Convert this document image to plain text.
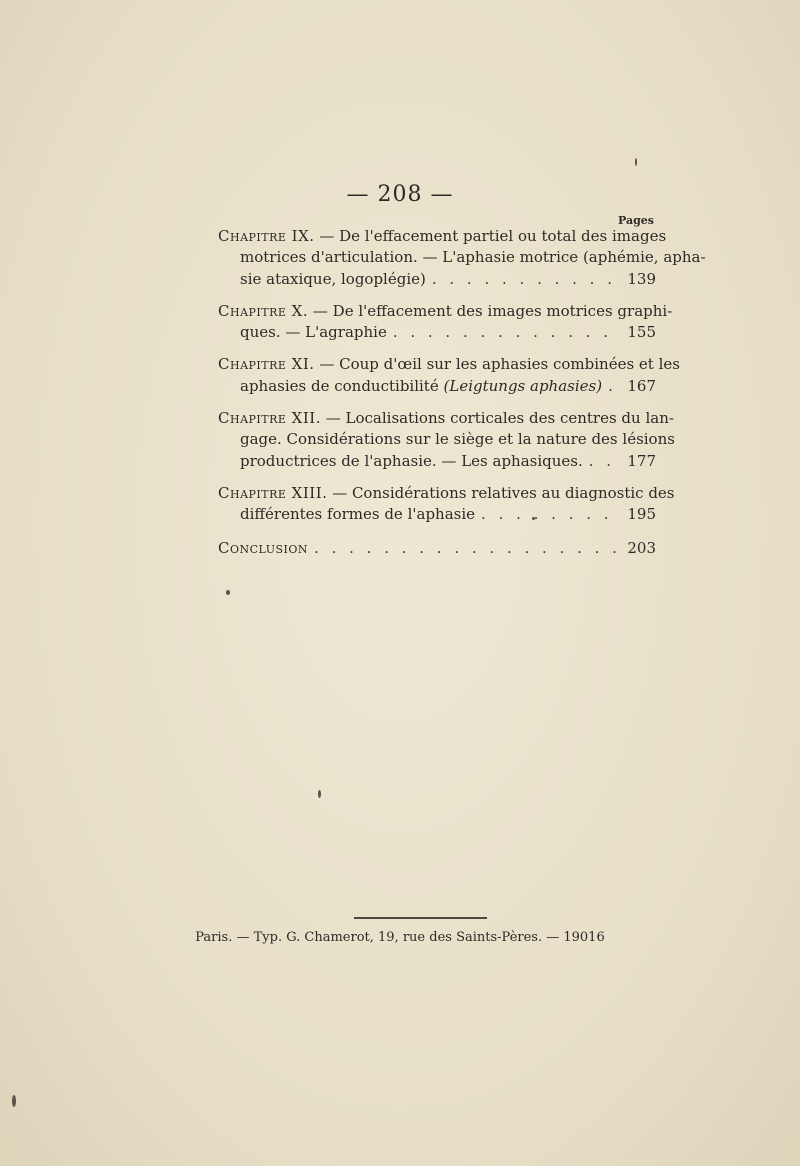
— 208 —
Pages
Chapitre IX.
— De l'effacement partiel ou total des images
motrices d'articulation. — L'aphasie motrice (aphémie, apha-
sie ataxique, logoplégie) . . .	139
Chapitre X.
— De l'effacement des images motrices graphi-
ques. — L'agraphie . . .	155
Chapitre XI.
— Coup d'œil sur les aphasies combinées et les
aphasies de conductibilité
(Leigtungs aphasies) . . .	167
Chapitre XII.
— Localisations corticales des centres du lan-
gage. Considérations sur le siège et la nature des lésions
productrices de l'aphasie. — Les aphasiques. . . .	177
Chapitre XIII.
— Considérations relatives au diagnostic des
différentes formes de l'aphasie . . .	195
Conclusion . . .	203
Paris. — Typ. G. Chamerot, 19, rue des Saints-Pères. — 19016
